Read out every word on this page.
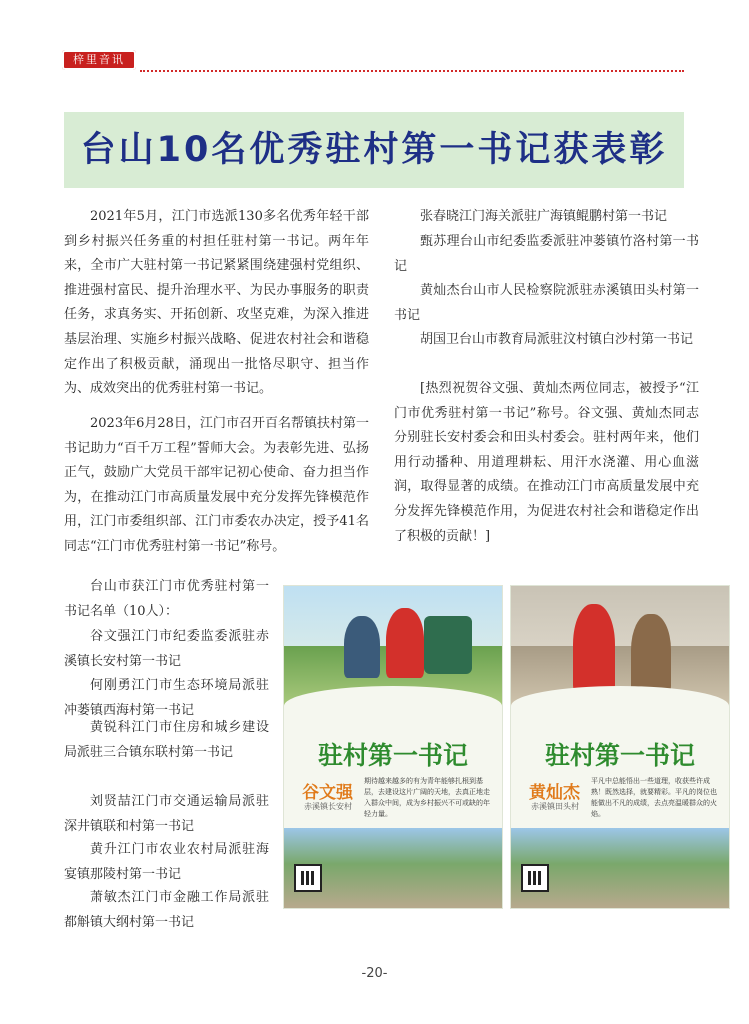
梓里音讯
台山10名优秀驻村第一书记获表彰

2021年5月，江门市选派130多名优秀年轻干部到乡村振兴任务重的村担任驻村第一书记。两年年来，全市广大驻村第一书记紧紧围绕建强村党组织、推进强村富民、提升治理水平、为民办事服务的职责任务，求真务实、开拓创新、攻坚克难，为深入推进基层治理、实施乡村振兴战略、促进农村社会和谐稳定作出了积极贡献，涌现出一批恪尽职守、担当作为、成效突出的优秀驻村第一书记。

2023年6月28日，江门市召开百名帮镇扶村第一书记助力“百千万工程”誓师大会。为表彰先进、弘扬正气，鼓励广大党员干部牢记初心使命、奋力担当作为，在推动江门市高质量发展中充分发挥先锋模范作用，江门市委组织部、江门市委农办决定，授予41名同志“江门市优秀驻村第一书记”称号。

台山市获江门市优秀驻村第一书记名单（10人）：

谷文强江门市纪委监委派驻赤溪镇长安村第一书记

何刚勇江门市生态环境局派驻冲蒌镇西海村第一书记

黄锐科江门市住房和城乡建设局派驻三合镇东联村第一书记

刘贤喆江门市交通运输局派驻深井镇联和村第一书记

黄升江门市农业农村局派驻海宴镇那陵村第一书记

萧敏杰江门市金融工作局派驻都斛镇大纲村第一书记

张春晓江门海关派驻广海镇鲲鹏村第一书记

甄苏理台山市纪委监委派驻冲蒌镇竹洛村第一书记

黄灿杰台山市人民检察院派驻赤溪镇田头村第一书记

胡国卫台山市教育局派驻汶村镇白沙村第一书记

[热烈祝贺谷文强、黄灿杰两位同志，被授予“江门市优秀驻村第一书记”称号。谷文强、黄灿杰同志分别驻长安村委会和田头村委会。驻村两年来，他们用行动播种、用道理耕耘、用汗水浇灌、用心血滋润，取得显著的成绩。在推动江门市高质量发展中充分发挥先锋模范作用，为促进农村社会和谐稳定作出了积极的贡献！]

驻村第一书记
谷文强
赤溪镇长安村
期待越来越多的有为青年能够扎根到基层，去建设这片广阔的天地，去真正地走入群众中间，成为乡村振兴不可或缺的年轻力量。
驻村第一书记
黄灿杰
赤溪镇田头村
平凡中总能悟出一些道理，收获些许成熟！既然选择，就要精彩。平凡的岗位也能做出不凡的成绩，去点亮温暖群众的火焰。
-20-
